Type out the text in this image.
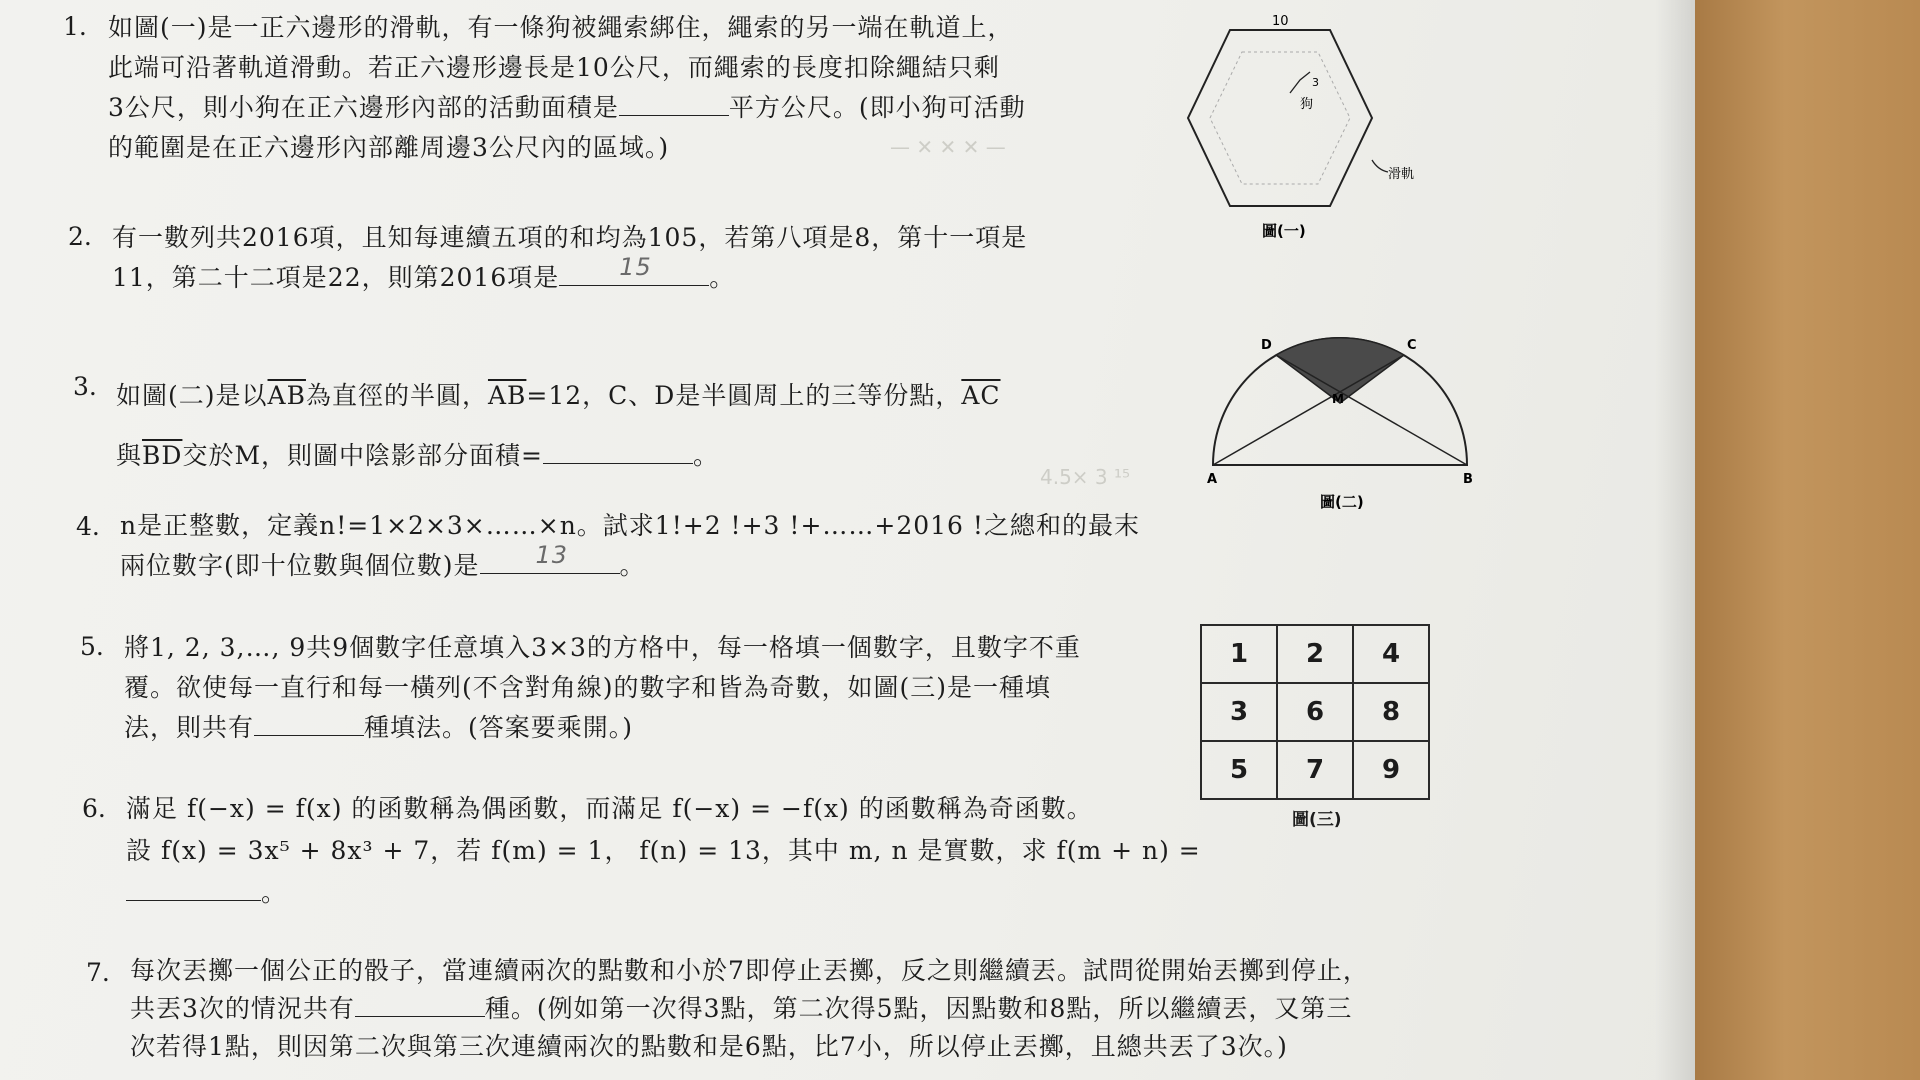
— ✕ ✕ ✕ —
4.5× 3 ¹⁵
1. 如圖(一)是一正六邊形的滑軌，有一條狗被繩索綁住，繩索的另一端在軌道上，
此端可沿著軌道滑動。若正六邊形邊長是10公尺，而繩索的長度扣除繩結只剩
3公尺，則小狗在正六邊形內部的活動面積是	平方公尺。(即小狗可活動
的範圍是在正六邊形內部離周邊3公尺內的區域。)
2. 有一數列共2016項，且知每連續五項的和均為105，若第八項是8，第十一項是
11，第二十二項是22，則第2016項是	15 。
3. 如圖(二)是以$\overline{AB}$為直徑的半圓，$\overline{AB}=12$，C、D是半圓周上的三等份點，$\overline{AC}$
與$\overline{BD}$交於M，則圖中陰影部分面積=	。
4. n是正整數，定義n!=1×2×3×……×n。試求1!+2 !+3 !+……+2016 !之總和的最末
兩位數字(即十位數與個位數)是 13 。
5. 將1, 2, 3,…, 9共9個數字任意填入3×3的方格中，每一格填一個數字，且數字不重
覆。欲使每一直行和每一橫列(不含對角線)的數字和皆為奇數，如圖(三)是一種填
法，則共有	種填法。(答案要乘開。)
6. 滿足 f(−x) = f(x) 的函數稱為偶函數，而滿足 f(−x) = −f(x) 的函數稱為奇函數。
設 f(x) = 3x⁵ + 8x³ + 7，若 f(m) = 1， f(n) = 13，其中 m, n 是實數，求 f(m + n) =
。
7. 每次丟擲一個公正的骰子，當連續兩次的點數和小於7即停止丟擲，反之則繼續丟。試問從開始丟擲到停止，
共丟3次的情況共有	種。(例如第一次得3點，第二次得5點，因點數和8點，所以繼續丟，又第三
次若得1點，則因第二次與第三次連續兩次的點數和是6點，比7小，所以停止丟擲，且總共丟了3次。)
10
3
狗
滑軌
圖(一)
A	B
C
D
M
圖(二)
1	2	4
3	6	8
5	7	9
圖(三)
